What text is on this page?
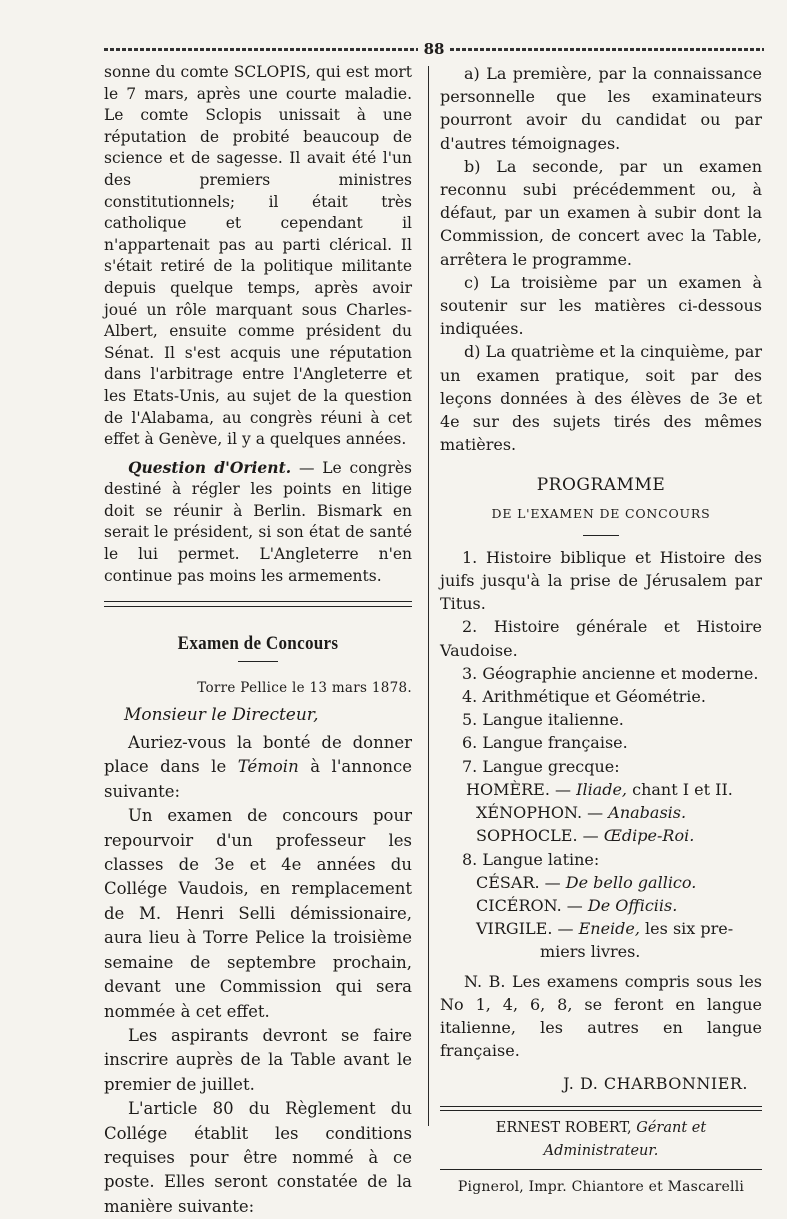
88

sonne du comte SCLOPIS, qui est mort le 7 mars, après une courte maladie. Le comte Sclopis unissait à une réputation de probité beaucoup de science et de sagesse. Il avait été l'un des premiers ministres constitutionnels; il était très catholique et cependant il n'appartenait pas au parti clérical. Il s'était retiré de la politique militante depuis quelque temps, après avoir joué un rôle marquant sous Charles-Albert, ensuite comme président du Sénat. Il s'est acquis une réputation dans l'arbitrage entre l'Angleterre et les Etats-Unis, au sujet de la question de l'Alabama, au congrès réuni à cet effet à Genève, il y a quelques années.

Question d'Orient. — Le congrès destiné à régler les points en litige doit se réunir à Berlin. Bismark en serait le président, si son état de santé le lui permet. L'Angleterre n'en continue pas moins les armements.

Examen de Concours
Torre Pellice le 13 mars 1878.
Monsieur le Directeur,

Auriez-vous la bonté de donner place dans le Témoin à l'annonce suivante:

Un examen de concours pour repourvoir d'un professeur les classes de 3e et 4e années du Collége Vaudois, en remplacement de M. Henri Selli démissionaire, aura lieu à Torre Pelice la troisième semaine de septembre prochain, devant une Commission qui sera nommée à cet effet.

Les aspirants devront se faire inscrire auprès de la Table avant le premier de juillet.

L'article 80 du Règlement du Collége établit les conditions requises pour être nommé à ce poste. Elles seront constatée de la manière suivante:

a) La première, par la connaissance personnelle que les examinateurs pourront avoir du candidat ou par d'autres témoignages.

b) La seconde, par un examen reconnu subi précédemment ou, à défaut, par un examen à subir dont la Commission, de concert avec la Table, arrêtera le programme.

c) La troisième par un examen à soutenir sur les matières ci-dessous indiquées.

d) La quatrième et la cinquième, par un examen pratique, soit par des leçons données à des élèves de 3e et 4e sur des sujets tirés des mêmes matières.

PROGRAMME
DE L'EXAMEN DE CONCOURS

1. Histoire biblique et Histoire des juifs jusqu'à la prise de Jérusalem par Titus.

2. Histoire générale et Histoire Vaudoise.

3. Géographie ancienne et moderne.

4. Arithmétique et Géométrie.

5. Langue italienne.

6. Langue française.

7. Langue grecque:

HOMÈRE. — Iliade, chant I et II.

XÉNOPHON. — Anabasis.

SOPHOCLE. — Œdipe-Roi.

8. Langue latine:

CÉSAR. — De bello gallico.

CICÉRON. — De Officiis.

VIRGILE. — Eneide, les six pre-

miers livres.

N. B. Les examens compris sous les No 1, 4, 6, 8, se feront en langue italienne, les autres en langue française.

J. D. CHARBONNIER.
ERNEST ROBERT, Gérant et Administrateur.
Pignerol, Impr. Chiantore et Mascarelli
